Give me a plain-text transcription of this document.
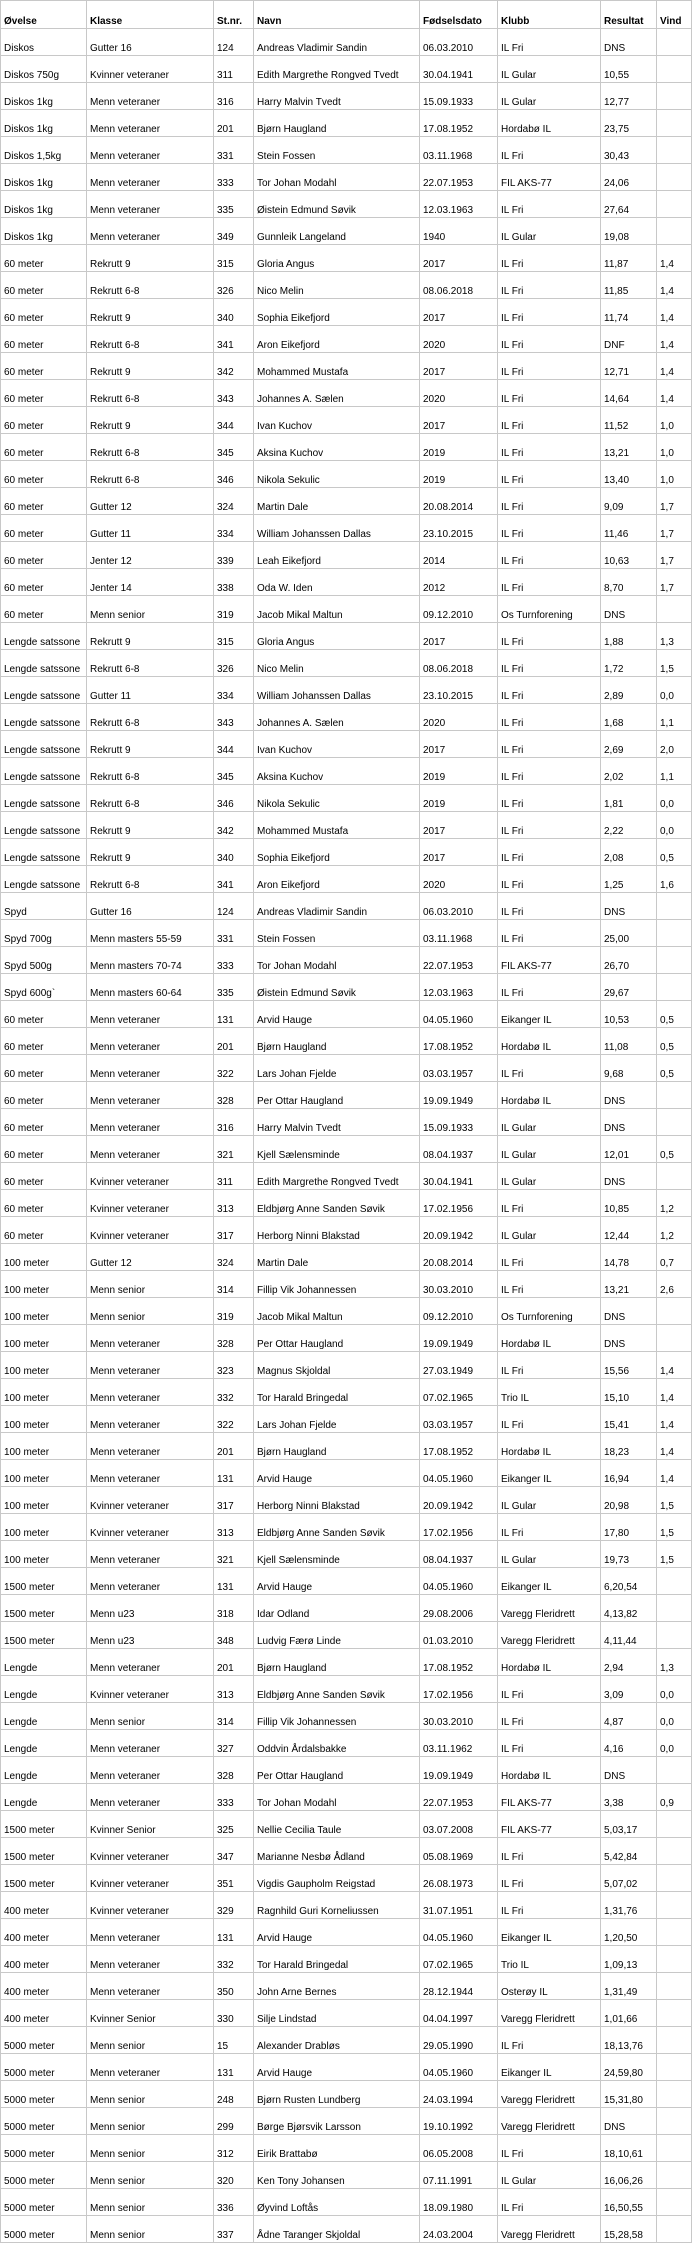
Øvelse	Klasse	St.nr.	Navn	Fødselsdato	Klubb	Resultat	Vind
Diskos	Gutter 16	124	Andreas Vladimir Sandin	06.03.2010	IL Fri	DNS	
Diskos 750g	Kvinner veteraner	311	Edith Margrethe Rongved Tvedt	30.04.1941	IL Gular	10,55	
Diskos 1kg	Menn veteraner	316	Harry Malvin Tvedt	15.09.1933	IL Gular	12,77	
Diskos 1kg	Menn veteraner	201	Bjørn Haugland	17.08.1952	Hordabø IL	23,75	
Diskos 1,5kg	Menn veteraner	331	Stein Fossen	03.11.1968	IL Fri	30,43	
Diskos 1kg	Menn veteraner	333	Tor Johan Modahl	22.07.1953	FIL AKS-77	24,06	
Diskos 1kg	Menn veteraner	335	Øistein Edmund Søvik	12.03.1963	IL Fri	27,64	
Diskos 1kg	Menn veteraner	349	Gunnleik Langeland	1940	IL Gular	19,08	
60 meter	Rekrutt 9	315	Gloria Angus	2017	IL Fri	11,87	1,4
60 meter	Rekrutt 6-8	326	Nico Melin	08.06.2018	IL Fri	11,85	1,4
60 meter	Rekrutt 9	340	Sophia Eikefjord	2017	IL Fri	11,74	1,4
60 meter	Rekrutt 6-8	341	Aron Eikefjord	2020	IL Fri	DNF	1,4
60 meter	Rekrutt 9	342	Mohammed Mustafa	2017	IL Fri	12,71	1,4
60 meter	Rekrutt 6-8	343	Johannes A. Sælen	2020	IL Fri	14,64	1,4
60 meter	Rekrutt 9	344	Ivan Kuchov	2017	IL Fri	11,52	1,0
60 meter	Rekrutt 6-8	345	Aksina Kuchov	2019	IL Fri	13,21	1,0
60 meter	Rekrutt 6-8	346	Nikola Sekulic	2019	IL Fri	13,40	1,0
60 meter	Gutter 12	324	Martin Dale	20.08.2014	IL Fri	9,09	1,7
60 meter	Gutter 11	334	William Johanssen Dallas	23.10.2015	IL Fri	11,46	1,7
60 meter	Jenter 12	339	Leah Eikefjord	2014	IL Fri	10,63	1,7
60 meter	Jenter 14	338	Oda W. Iden	2012	IL Fri	8,70	1,7
60 meter	Menn senior	319	Jacob Mikal Maltun	09.12.2010	Os Turnforening	DNS	
Lengde satssone	Rekrutt 9	315	Gloria Angus	2017	IL Fri	1,88	1,3
Lengde satssone	Rekrutt 6-8	326	Nico Melin	08.06.2018	IL Fri	1,72	1,5
Lengde satssone	Gutter 11	334	William Johanssen Dallas	23.10.2015	IL Fri	2,89	0,0
Lengde satssone	Rekrutt 6-8	343	Johannes A. Sælen	2020	IL Fri	1,68	1,1
Lengde satssone	Rekrutt 9	344	Ivan Kuchov	2017	IL Fri	2,69	2,0
Lengde satssone	Rekrutt 6-8	345	Aksina Kuchov	2019	IL Fri	2,02	1,1
Lengde satssone	Rekrutt 6-8	346	Nikola Sekulic	2019	IL Fri	1,81	0,0
Lengde satssone	Rekrutt 9	342	Mohammed Mustafa	2017	IL Fri	2,22	0,0
Lengde satssone	Rekrutt 9	340	Sophia Eikefjord	2017	IL Fri	2,08	0,5
Lengde satssone	Rekrutt 6-8	341	Aron Eikefjord	2020	IL Fri	1,25	1,6
Spyd	Gutter 16	124	Andreas Vladimir Sandin	06.03.2010	IL Fri	DNS	
Spyd 700g	Menn masters 55-59	331	Stein Fossen	03.11.1968	IL Fri	25,00	
Spyd 500g	Menn masters 70-74	333	Tor Johan Modahl	22.07.1953	FIL AKS-77	26,70	
Spyd 600g`	Menn masters 60-64	335	Øistein Edmund Søvik	12.03.1963	IL Fri	29,67	
60 meter	Menn veteraner	131	Arvid Hauge	04.05.1960	Eikanger IL	10,53	0,5
60 meter	Menn veteraner	201	Bjørn Haugland	17.08.1952	Hordabø IL	11,08	0,5
60 meter	Menn veteraner	322	Lars Johan Fjelde	03.03.1957	IL Fri	9,68	0,5
60 meter	Menn veteraner	328	Per Ottar Haugland	19.09.1949	Hordabø IL	DNS	
60 meter	Menn veteraner	316	Harry Malvin Tvedt	15.09.1933	IL Gular	DNS	
60 meter	Menn veteraner	321	Kjell Sælensminde	08.04.1937	IL Gular	12,01	0,5
60 meter	Kvinner veteraner	311	Edith Margrethe Rongved Tvedt	30.04.1941	IL Gular	DNS	
60 meter	Kvinner veteraner	313	Eldbjørg Anne Sanden Søvik	17.02.1956	IL Fri	10,85	1,2
60 meter	Kvinner veteraner	317	Herborg Ninni Blakstad	20.09.1942	IL Gular	12,44	1,2
100 meter	Gutter 12	324	Martin Dale	20.08.2014	IL Fri	14,78	0,7
100 meter	Menn senior	314	Fillip Vik Johannessen	30.03.2010	IL Fri	13,21	2,6
100 meter	Menn senior	319	Jacob Mikal Maltun	09.12.2010	Os Turnforening	DNS	
100 meter	Menn veteraner	328	Per Ottar Haugland	19.09.1949	Hordabø IL	DNS	
100 meter	Menn veteraner	323	Magnus Skjoldal	27.03.1949	IL Fri	15,56	1,4
100 meter	Menn veteraner	332	Tor Harald Bringedal	07.02.1965	Trio IL	15,10	1,4
100 meter	Menn veteraner	322	Lars Johan Fjelde	03.03.1957	IL Fri	15,41	1,4
100 meter	Menn veteraner	201	Bjørn Haugland	17.08.1952	Hordabø IL	18,23	1,4
100 meter	Menn veteraner	131	Arvid Hauge	04.05.1960	Eikanger IL	16,94	1,4
100 meter	Kvinner veteraner	317	Herborg Ninni Blakstad	20.09.1942	IL Gular	20,98	1,5
100 meter	Kvinner veteraner	313	Eldbjørg Anne Sanden Søvik	17.02.1956	IL Fri	17,80	1,5
100 meter	Menn veteraner	321	Kjell Sælensminde	08.04.1937	IL Gular	19,73	1,5
1500 meter	Menn veteraner	131	Arvid Hauge	04.05.1960	Eikanger IL	6,20,54	
1500 meter	Menn u23	318	Idar Odland	29.08.2006	Varegg Fleridrett	4,13,82	
1500 meter	Menn u23	348	Ludvig Færø Linde	01.03.2010	Varegg Fleridrett	4,11,44	
Lengde	Menn veteraner	201	Bjørn Haugland	17.08.1952	Hordabø IL	2,94	1,3
Lengde	Kvinner veteraner	313	Eldbjørg Anne Sanden Søvik	17.02.1956	IL Fri	3,09	0,0
Lengde	Menn senior	314	Fillip Vik Johannessen	30.03.2010	IL Fri	4,87	0,0
Lengde	Menn veteraner	327	Oddvin Årdalsbakke	03.11.1962	IL Fri	4,16	0,0
Lengde	Menn veteraner	328	Per Ottar Haugland	19.09.1949	Hordabø IL	DNS	
Lengde	Menn veteraner	333	Tor Johan Modahl	22.07.1953	FIL AKS-77	3,38	0,9
1500 meter	Kvinner Senior	325	Nellie Cecilia Taule	03.07.2008	FIL AKS-77	5,03,17	
1500 meter	Kvinner veteraner	347	Marianne Nesbø Ådland	05.08.1969	IL Fri	5,42,84	
1500 meter	Kvinner veteraner	351	Vigdis Gaupholm Reigstad	26.08.1973	IL Fri	5,07,02	
400 meter	Kvinner veteraner	329	Ragnhild Guri Korneliussen	31.07.1951	IL Fri	1,31,76	
400 meter	Menn veteraner	131	Arvid Hauge	04.05.1960	Eikanger IL	1,20,50	
400 meter	Menn veteraner	332	Tor Harald Bringedal	07.02.1965	Trio IL	1,09,13	
400 meter	Menn veteraner	350	John Arne Bernes	28.12.1944	Osterøy IL	1,31,49	
400 meter	Kvinner Senior	330	Silje Lindstad	04.04.1997	Varegg Fleridrett	1,01,66	
5000 meter	Menn senior	15	Alexander Drabløs	29.05.1990	IL Fri	18,13,76	
5000 meter	Menn veteraner	131	Arvid Hauge	04.05.1960	Eikanger IL	24,59,80	
5000 meter	Menn senior	248	Bjørn Rusten Lundberg	24.03.1994	Varegg Fleridrett	15,31,80	
5000 meter	Menn senior	299	Børge Bjørsvik Larsson	19.10.1992	Varegg Fleridrett	DNS	
5000 meter	Menn senior	312	Eirik Brattabø	06.05.2008	IL Fri	18,10,61	
5000 meter	Menn senior	320	Ken Tony Johansen	07.11.1991	IL Gular	16,06,26	
5000 meter	Menn senior	336	Øyvind Loftås	18.09.1980	IL Fri	16,50,55	
5000 meter	Menn senior	337	Ådne Taranger Skjoldal	24.03.2004	Varegg Fleridrett	15,28,58	
